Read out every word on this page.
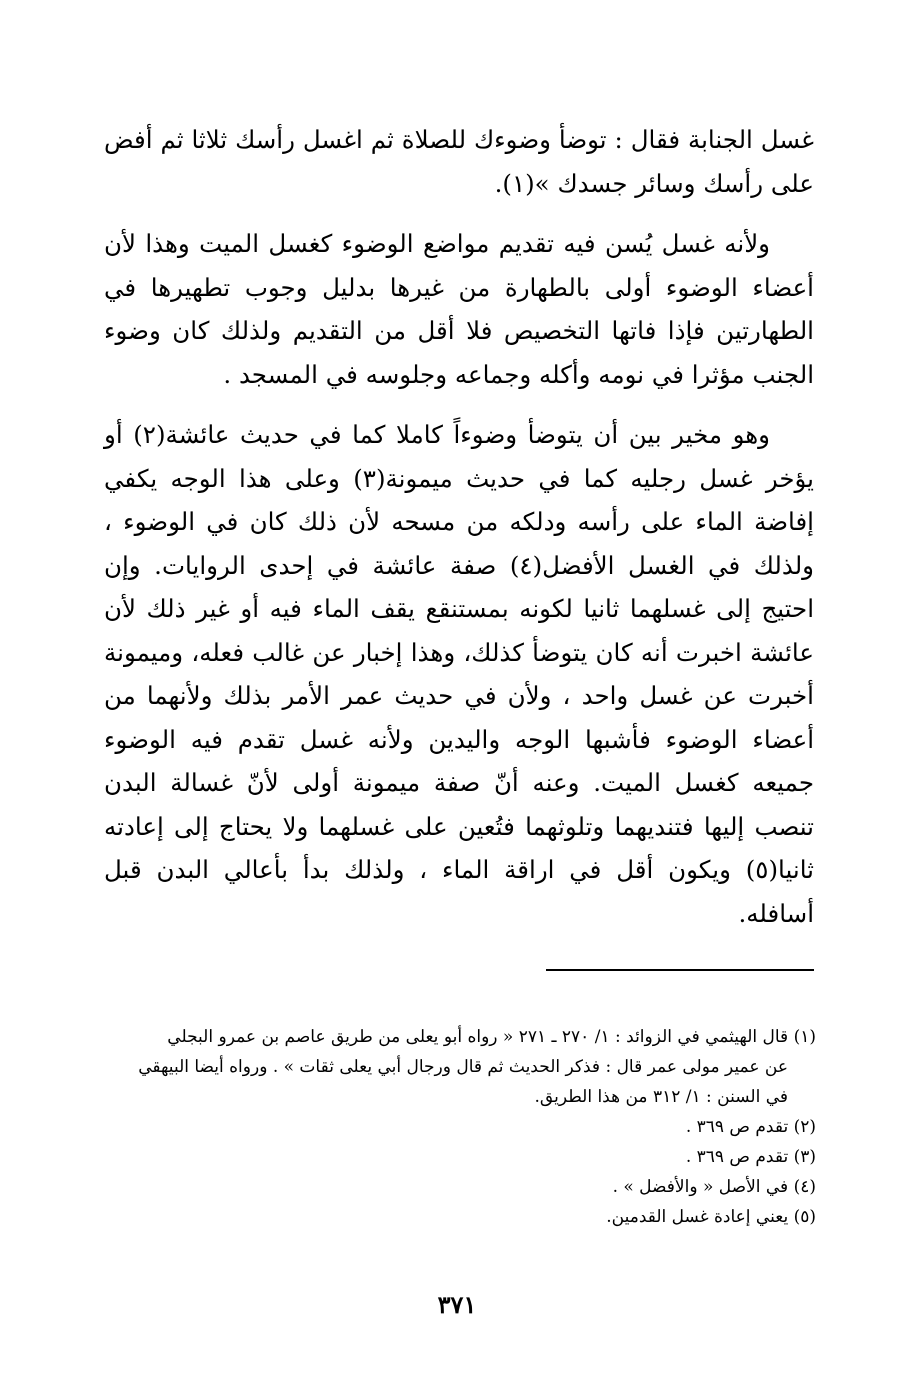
غسل الجنابة فقال : توضأ وضوءك للصلاة ثم اغسل رأسك ثلاثا ثم أفض على رأسك وسائر جسدك »(١).

ولأنه غسل يُسن فيه تقديم مواضع الوضوء كغسل الميت وهذا لأن أعضاء الوضوء أولى بالطهارة من غيرها بدليل وجوب تطهيرها في الطهارتين فإذا فاتها التخصيص فلا أقل من التقديم ولذلك كان وضوء الجنب مؤثرا في نومه وأكله وجماعه وجلوسه في المسجد .

وهو مخير بين أن يتوضأ وضوءاً كاملا كما في حديث عائشة(٢) أو يؤخر غسل رجليه كما في حديث ميمونة(٣) وعلى هذا الوجه يكفي إفاضة الماء على رأسه ودلكه من مسحه لأن ذلك كان في الوضوء ، ولذلك في الغسل الأفضل(٤) صفة عائشة في إحدى الروايات. وإن احتيج إلى غسلهما ثانيا لكونه بمستنقع يقف الماء فيه أو غير ذلك لأن عائشة اخبرت أنه كان يتوضأ كذلك، وهذا إخبار عن غالب فعله، وميمونة أخبرت عن غسل واحد ، ولأن في حديث عمر الأمر بذلك ولأنهما من أعضاء الوضوء فأشبها الوجه واليدين ولأنه غسل تقدم فيه الوضوء جميعه كغسل الميت. وعنه أنّ صفة ميمونة أولى لأنّ غسالة البدن تنصب إليها فتنديهما وتلوثهما فتُعين على غسلهما ولا يحتاج إلى إعادته ثانيا(٥) ويكون أقل في اراقة الماء ، ولذلك بدأ بأعالي البدن قبل أسافله.

(١) قال الهيثمي في الزوائد : ١/ ٢٧٠ ـ ٢٧١ « رواه أبو يعلى من طريق عاصم بن عمرو البجلي

عن عمير مولى عمر قال : فذكر الحديث ثم قال ورجال أبي يعلى ثقات » . ورواه أيضا البيهقي

في السنن : ١/ ٣١٢ من هذا الطريق.

(٢) تقدم ص ٣٦٩ .

(٣) تقدم ص ٣٦٩ .

(٤) في الأصل « والأفضل » .

(٥) يعني إعادة غسل القدمين.

٣٧١
